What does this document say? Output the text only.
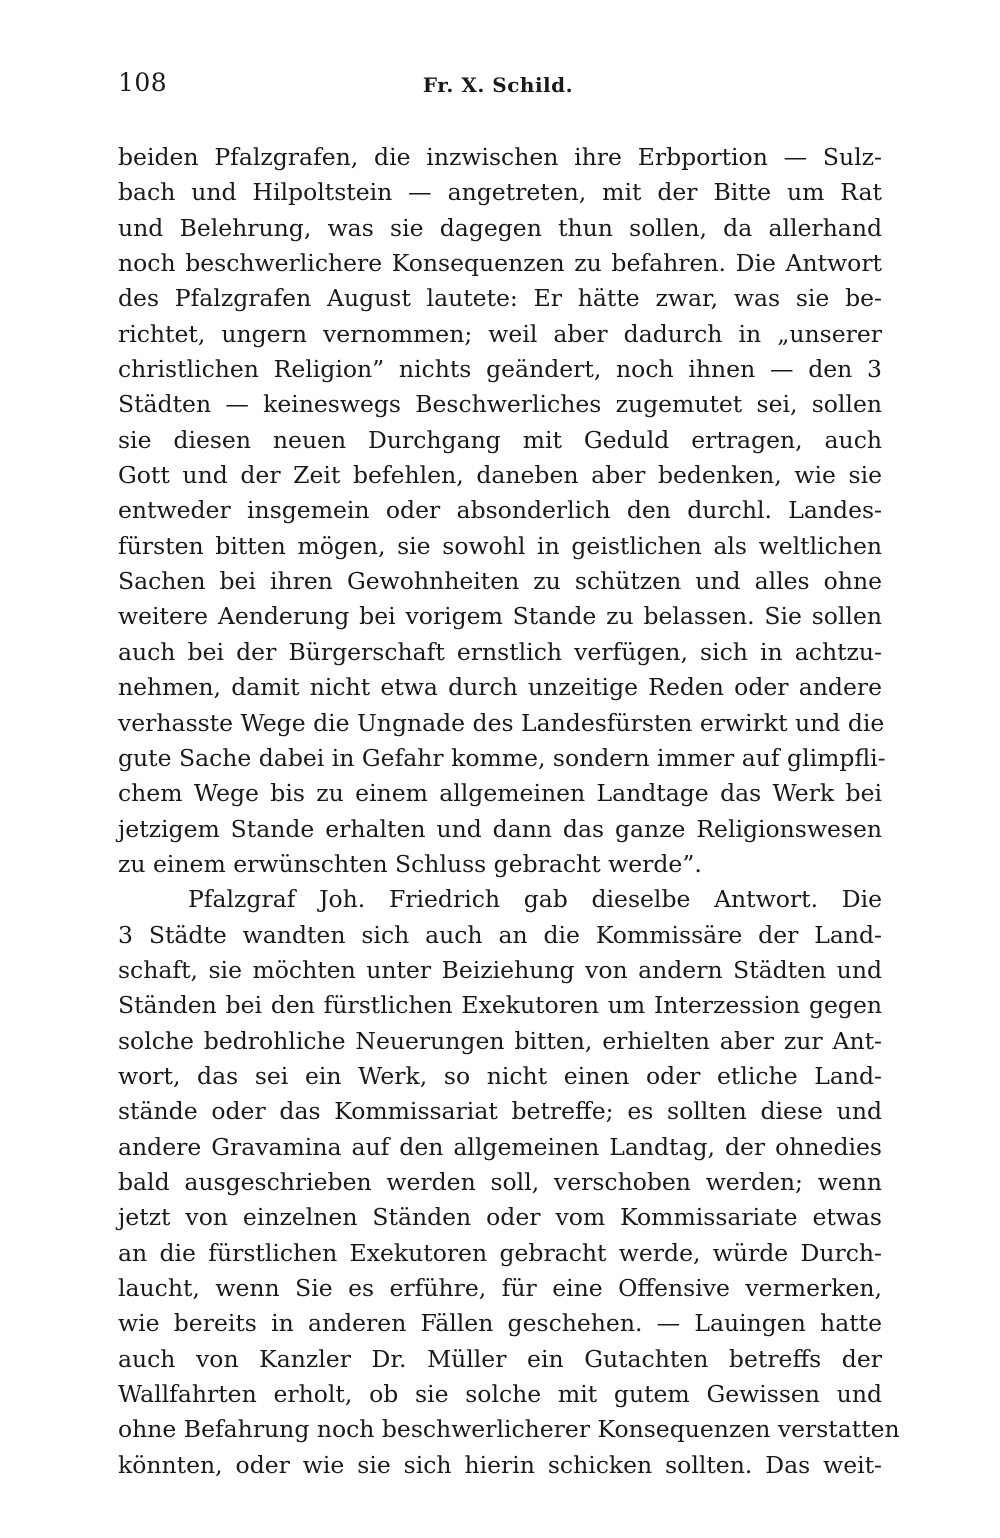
108	Fr. X. Schild.
beiden Pfalzgrafen, die inzwischen ihre Erbportion — Sulz-
bach und Hilpoltstein — angetreten, mit der Bitte um Rat
und Belehrung, was sie dagegen thun sollen, da allerhand
noch beschwerlichere Konsequenzen zu befahren. Die Antwort
des Pfalzgrafen August lautete: Er hätte zwar, was sie be-
richtet, ungern vernommen; weil aber dadurch in „unserer
christlichen Religion” nichts geändert, noch ihnen — den 3
Städten — keineswegs Beschwerliches zugemutet sei, sollen
sie diesen neuen Durchgang mit Geduld ertragen, auch
Gott und der Zeit befehlen, daneben aber bedenken, wie sie
entweder insgemein oder absonderlich den durchl. Landes-
fürsten bitten mögen, sie sowohl in geistlichen als weltlichen
Sachen bei ihren Gewohnheiten zu schützen und alles ohne
weitere Aenderung bei vorigem Stande zu belassen. Sie sollen
auch bei der Bürgerschaft ernstlich verfügen, sich in achtzu-
nehmen, damit nicht etwa durch unzeitige Reden oder andere
verhasste Wege die Ungnade des Landesfürsten erwirkt und die
gute Sache dabei in Gefahr komme, sondern immer auf glimpfli-
chem Wege bis zu einem allgemeinen Landtage das Werk bei
jetzigem Stande erhalten und dann das ganze Religionswesen
zu einem erwünschten Schluss gebracht werde”.
Pfalzgraf Joh. Friedrich gab dieselbe Antwort. Die
3 Städte wandten sich auch an die Kommissäre der Land-
schaft, sie möchten unter Beiziehung von andern Städten und
Ständen bei den fürstlichen Exekutoren um Interzession gegen
solche bedrohliche Neuerungen bitten, erhielten aber zur Ant-
wort, das sei ein Werk, so nicht einen oder etliche Land-
stände oder das Kommissariat betreffe; es sollten diese und
andere Gravamina auf den allgemeinen Landtag, der ohnedies
bald ausgeschrieben werden soll, verschoben werden; wenn
jetzt von einzelnen Ständen oder vom Kommissariate etwas
an die fürstlichen Exekutoren gebracht werde, würde Durch-
laucht, wenn Sie es erführe, für eine Offensive vermerken,
wie bereits in anderen Fällen geschehen. — Lauingen hatte
auch von Kanzler Dr. Müller ein Gutachten betreffs der
Wallfahrten erholt, ob sie solche mit gutem Gewissen und
ohne Befahrung noch beschwerlicherer Konsequenzen verstatten
könnten, oder wie sie sich hierin schicken sollten. Das weit-
